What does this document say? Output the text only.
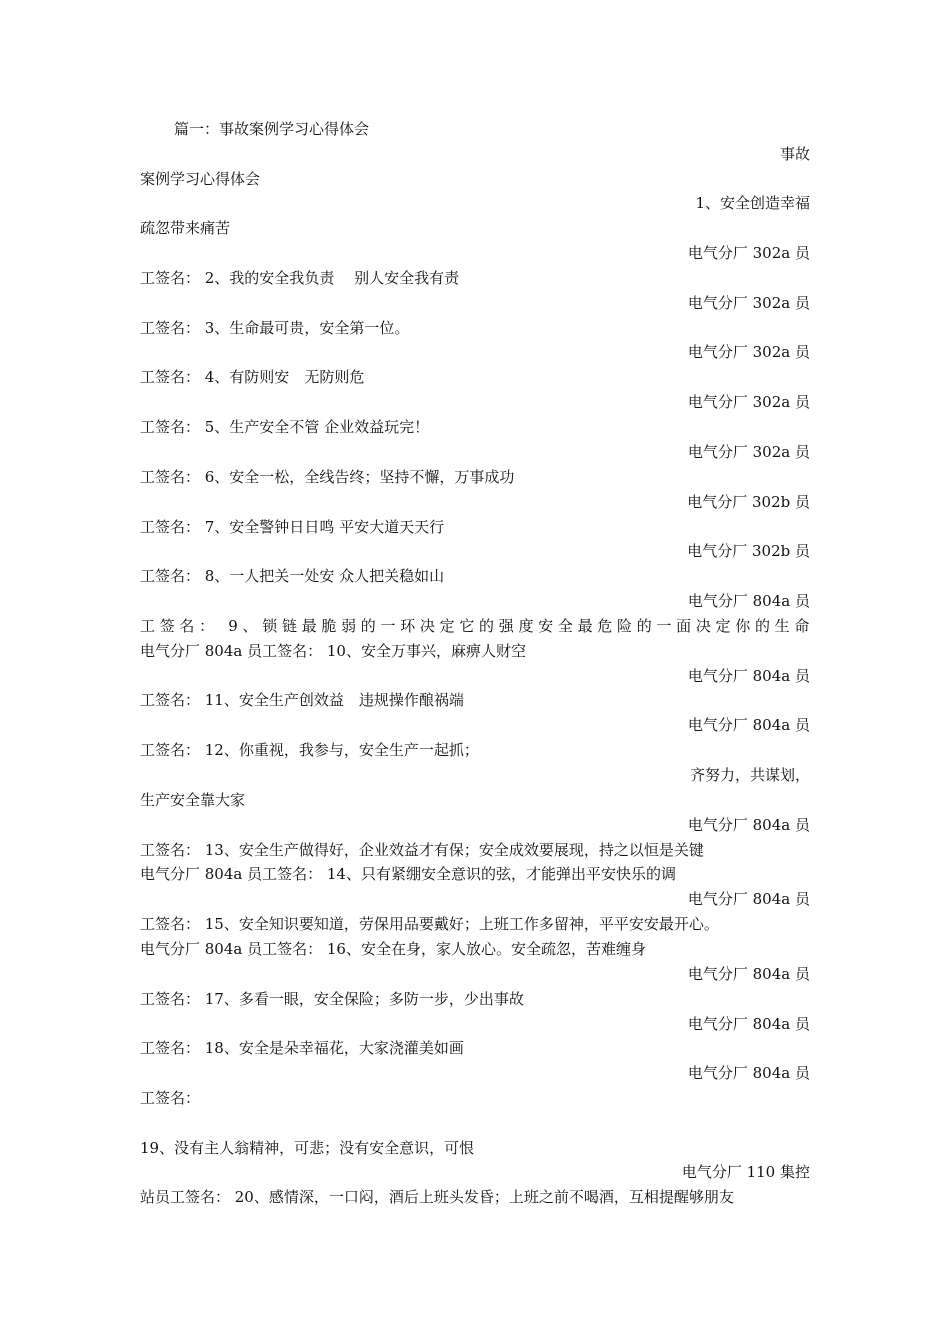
篇一：事故案例学习心得体会
事故
案例学习心得体会
1、安全创造幸福
疏忽带来痛苦
电气分厂 302a 员
工签名： 2、我的安全我负责　 别人安全我有责
电气分厂 302a 员
工签名： 3、生命最可贵，安全第一位。
电气分厂 302a 员
工签名： 4、有防则安　无防则危
电气分厂 302a 员
工签名： 5、生产安全不管 企业效益玩完！
电气分厂 302a 员
工签名： 6、安全一松，全线告终；坚持不懈，万事成功
电气分厂 302b 员
工签名： 7、安全警钟日日鸣 平安大道天天行
电气分厂 302b 员
工签名： 8、一人把关一处安 众人把关稳如山
电气分厂 804a 员
工签名： 9、锁链最脆弱的一环决定它的强度安全最危险的一面决定你的生命
电气分厂 804a 员工签名： 10、安全万事兴，麻痹人财空
电气分厂 804a 员
工签名： 11、安全生产创效益　违规操作酿祸端
电气分厂 804a 员
工签名： 12、你重视，我参与，安全生产一起抓；
齐努力，共谋划，
生产安全靠大家
电气分厂 804a 员
工签名： 13、安全生产做得好，企业效益才有保；安全成效要展现，持之以恒是关键
电气分厂 804a 员工签名： 14、只有紧绷安全意识的弦，才能弹出平安快乐的调
电气分厂 804a 员
工签名： 15、安全知识要知道，劳保用品要戴好；上班工作多留神，平平安安最开心。
电气分厂 804a 员工签名： 16、安全在身，家人放心。安全疏忽，苦难缠身
电气分厂 804a 员
工签名： 17、多看一眼，安全保险；多防一步，少出事故
电气分厂 804a 员
工签名： 18、安全是朵幸福花，大家浇灌美如画
电气分厂 804a 员
工签名：
19、没有主人翁精神，可悲；没有安全意识，可恨
电气分厂 110 集控
站员工签名： 20、感情深，一口闷，酒后上班头发昏；上班之前不喝酒，互相提醒够朋友
